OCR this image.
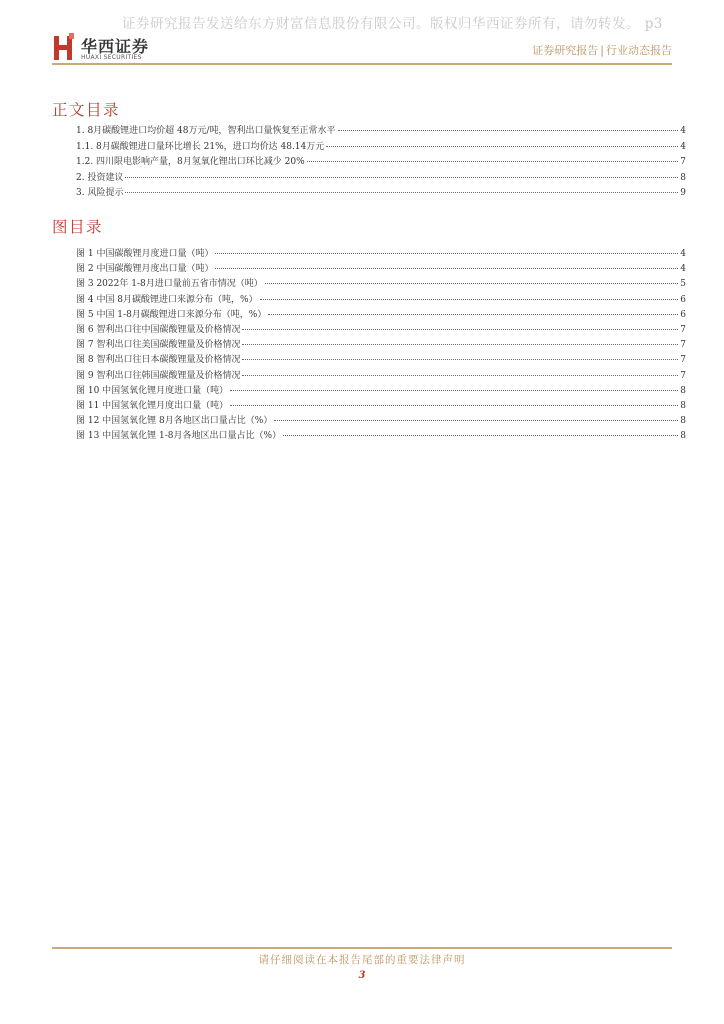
证券研究报告发送给东方财富信息股份有限公司。版权归华西证券所有，请勿转发。 p3
华西证券
HUAXI SECURITIES
证券研究报告 | 行业动态报告
正文目录
1. 8月碳酸锂进口均价超 48万元/吨，智利出口量恢复至正常水平	4
1.1. 8月碳酸锂进口量环比增长 21%，进口均价达 48.14万元	4
1.2. 四川限电影响产量，8月氢氧化锂出口环比减少 20%	7
2. 投资建议	8
3. 风险提示	9
图目录
图 1 中国碳酸锂月度进口量（吨）	4
图 2 中国碳酸锂月度出口量（吨）	4
图 3 2022年 1-8月进口量前五省市情况（吨）	5
图 4 中国 8月碳酸锂进口来源分布（吨，%）	6
图 5 中国 1-8月碳酸锂进口来源分布（吨，%）	6
图 6 智利出口往中国碳酸锂量及价格情况	7
图 7 智利出口往美国碳酸锂量及价格情况	7
图 8 智利出口往日本碳酸锂量及价格情况	7
图 9 智利出口往韩国碳酸锂量及价格情况	7
图 10 中国氢氧化锂月度进口量（吨）	8
图 11 中国氢氧化锂月度出口量（吨）	8
图 12 中国氢氧化锂 8月各地区出口量占比（%）	8
图 13 中国氢氧化锂 1-8月各地区出口量占比（%）	8
请仔细阅读在本报告尾部的重要法律声明
3
